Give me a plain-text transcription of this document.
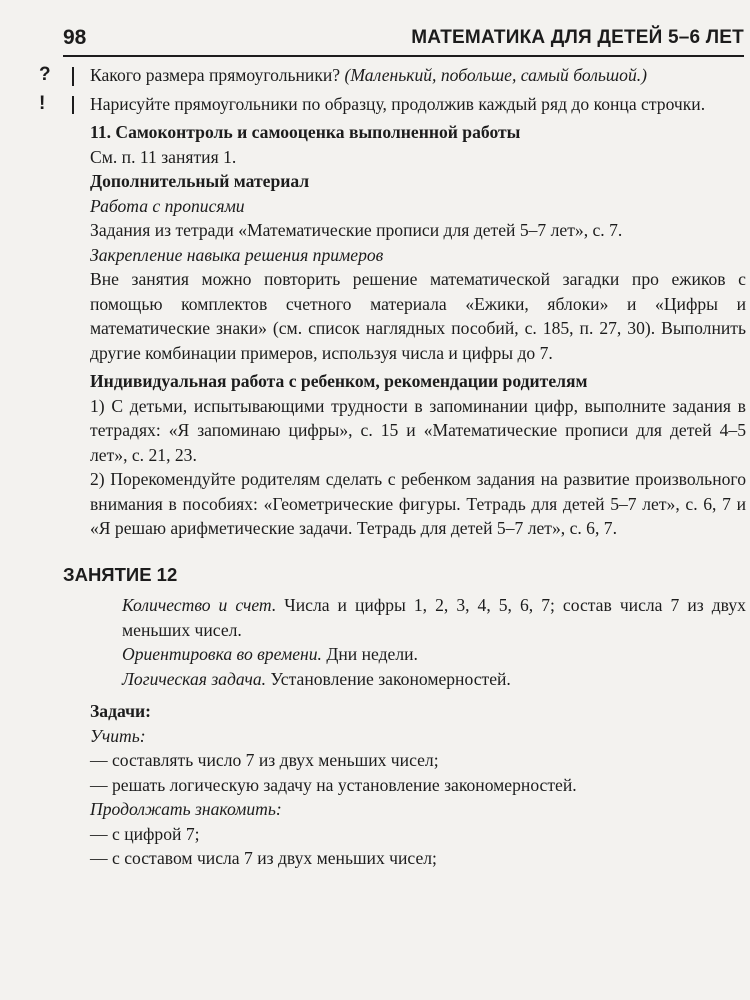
98	МАТЕМАТИКА ДЛЯ ДЕТЕЙ 5–6 ЛЕТ
? Какого размера прямоугольники? (Маленький, побольше, самый большой.)
!	Нарисуйте прямоугольники по образцу, продолжив каждый ряд до конца строчки.
11. Самоконтроль и самооценка выполненной работы
См. п. 11 занятия 1.
Дополнительный материал
Работа с прописями
Задания из тетради «Математические прописи для детей 5–7 лет», с. 7.
Закрепление навыка решения примеров
Вне занятия можно повторить решение математической загадки про ежиков с помощью комплектов счетного материала «Ежики, яблоки» и «Цифры и математические знаки» (см. список наглядных пособий, с. 185, п. 27, 30). Выполнить другие комбинации примеров, используя числа и цифры до 7.
Индивидуальная работа с ребенком, рекомендации родителям
1) С детьми, испытывающими трудности в запоминании цифр, выполните задания в тетрадях: «Я запоминаю цифры», с. 15 и «Математические прописи для детей 4–5 лет», с. 21, 23.
2) Порекомендуйте родителям сделать с ребенком задания на развитие произвольного внимания в пособиях: «Геометрические фигуры. Тетрадь для детей 5–7 лет», с. 6, 7 и «Я решаю арифметические задачи. Тетрадь для детей 5–7 лет», с. 6, 7.
ЗАНЯТИЕ 12
Количество и счет. Числа и цифры 1, 2, 3, 4, 5, 6, 7; состав числа 7 из двух меньших чисел.
Ориентировка во времени. Дни недели.
Логическая задача. Установление закономерностей.
Задачи:
Учить:
— составлять число 7 из двух меньших чисел;
— решать логическую задачу на установление закономерностей.
Продолжать знакомить:
— с цифрой 7;
— с составом числа 7 из двух меньших чисел;
